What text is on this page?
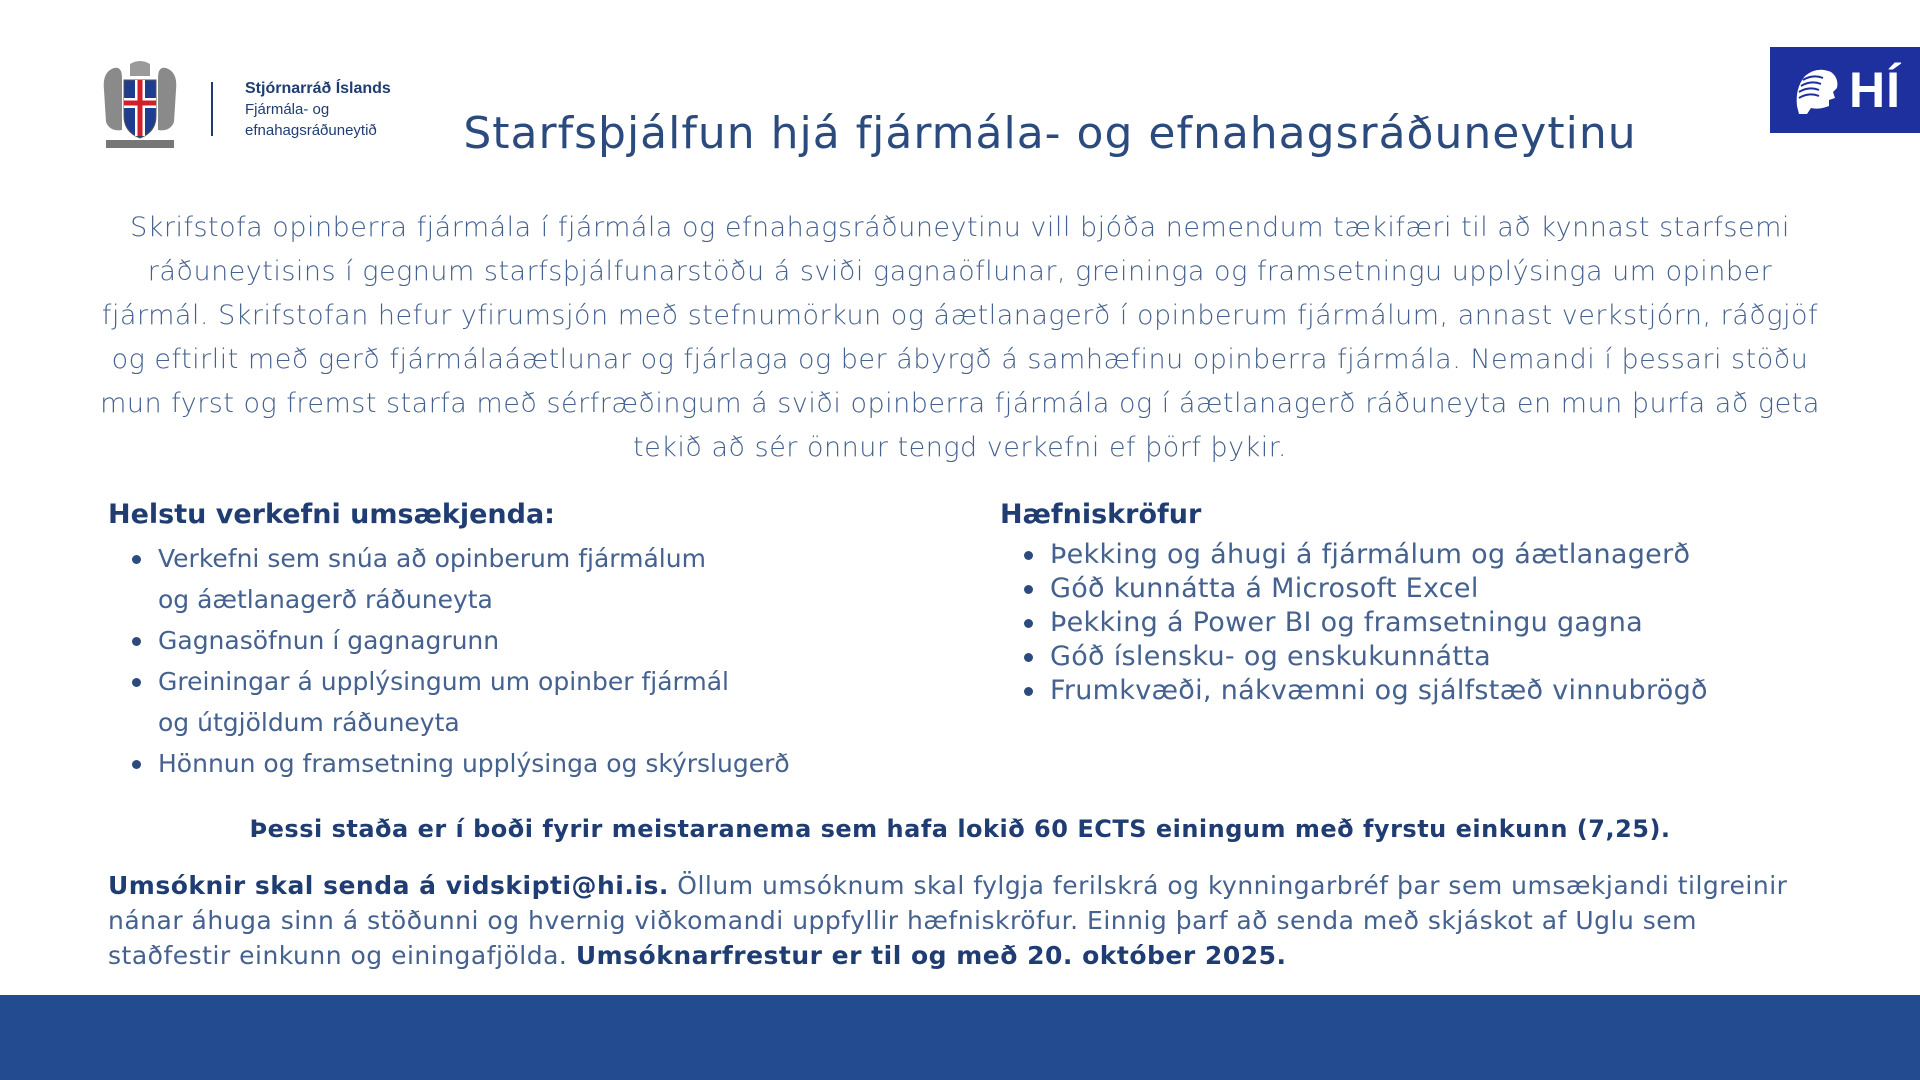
Stjórnarráð Íslands
Fjármála- og
efnahagsráðuneytið
HÍ
Starfsþjálfun hjá fjármála- og efnahagsráðuneytinu

Skrifstofa opinberra fjármála í fjármála og efnahagsráðuneytinu vill bjóða nemendum tækifæri til að kynnast starfsemi ráðuneytisins í gegnum starfsþjálfunarstöðu á sviði gagnaöflunar, greininga og framsetningu upplýsinga um opinber fjármál. Skrifstofan hefur yfirumsjón með stefnumörkun og áætlanagerð í opinberum fjármálum, annast verkstjórn, ráðgjöf og eftirlit með gerð fjármálaáætlunar og fjárlaga og ber ábyrgð á samhæfinu opinberra fjármála. Nemandi í þessari stöðu mun fyrst og fremst starfa með sérfræðingum á sviði opinberra fjármála og í áætlanagerð ráðuneyta en mun þurfa að geta tekið að sér önnur tengd verkefni ef þörf þykir.

Helstu verkefni umsækjenda:
Verkefni sem snúa að opinberum fjármálum og áætlanagerð ráðuneyta
Gagnasöfnun í gagnagrunn
Greiningar á upplýsingum um opinber fjármál og útgjöldum ráðuneyta
Hönnun og framsetning upplýsinga og skýrslugerð
Hæfniskröfur
Þekking og áhugi á fjármálum og áætlanagerð
Góð kunnátta á Microsoft Excel
Þekking á Power BI og framsetningu gagna
Góð íslensku- og enskukunnátta
Frumkvæði, nákvæmni og sjálfstæð vinnubrögð

Þessi staða er í boði fyrir meistaranema sem hafa lokið 60 ECTS einingum með fyrstu einkunn (7,25).

Umsóknir skal senda á vidskipti@hi.is. Öllum umsóknum skal fylgja ferilskrá og kynningarbréf þar sem umsækjandi tilgreinir nánar áhuga sinn á stöðunni og hvernig viðkomandi uppfyllir hæfniskröfur. Einnig þarf að senda með skjáskot af Uglu sem staðfestir einkunn og einingafjölda. Umsóknarfrestur er til og með 20. október 2025.
